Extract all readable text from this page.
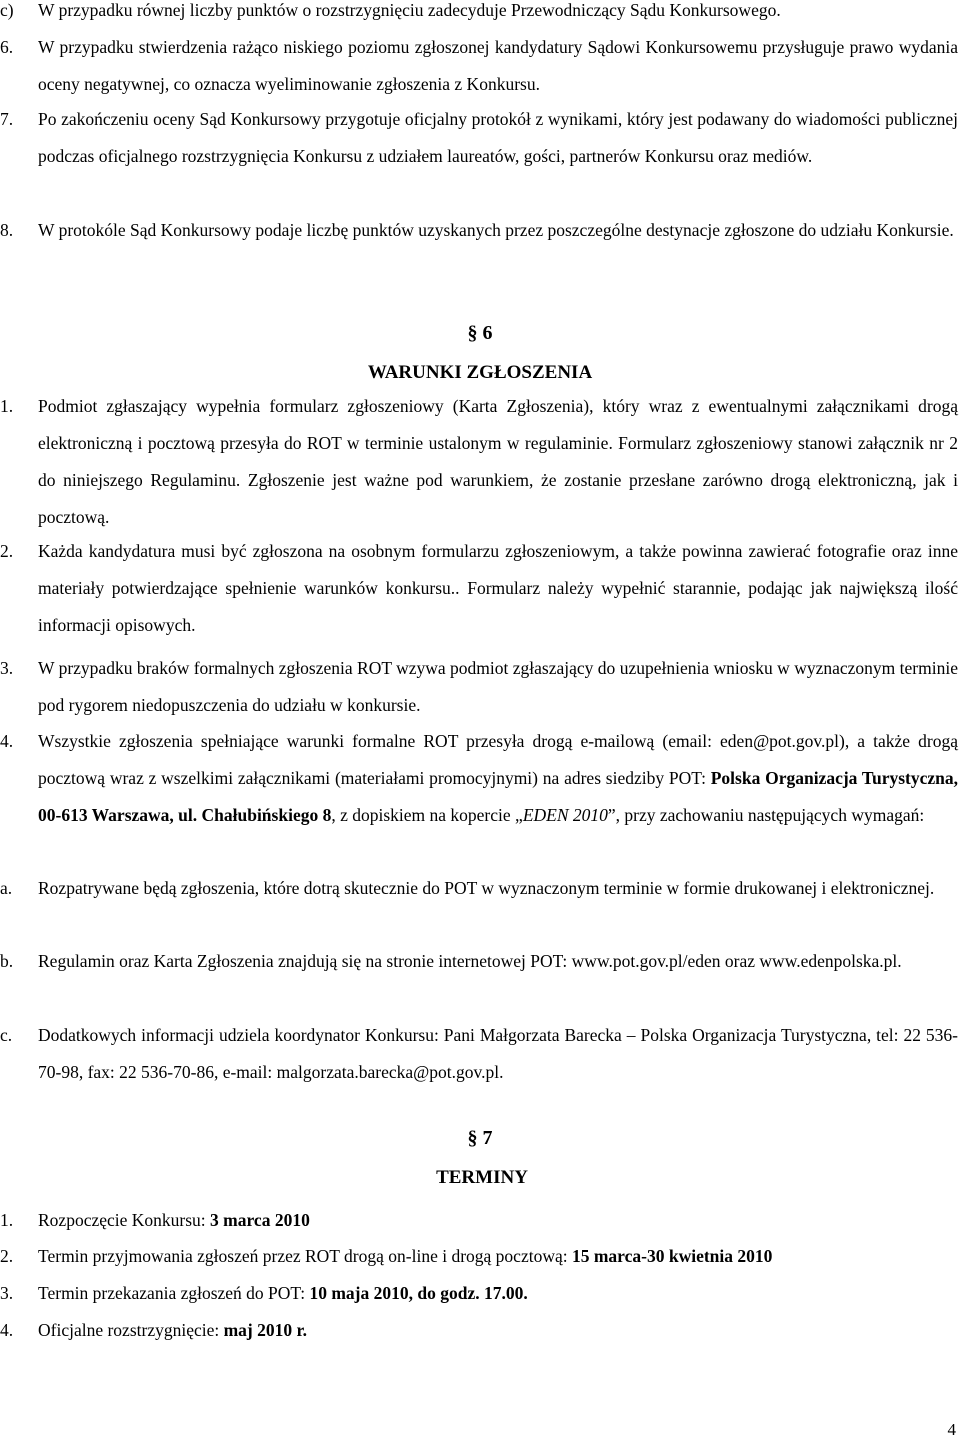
c) W przypadku równej liczby punktów o rozstrzygnięciu zadecyduje Przewodniczący Sądu Konkursowego.
6. W przypadku stwierdzenia rażąco niskiego poziomu zgłoszonej kandydatury Sądowi Konkursowemu przysługuje prawo wydania oceny negatywnej, co oznacza wyeliminowanie zgłoszenia z Konkursu.
7. Po zakończeniu oceny Sąd Konkursowy przygotuje oficjalny protokół z wynikami, który jest podawany do wiadomości publicznej podczas oficjalnego rozstrzygnięcia Konkursu z udziałem laureatów, gości, partnerów Konkursu oraz mediów.
8. W protokóle Sąd Konkursowy podaje liczbę punktów uzyskanych przez poszczególne destynacje zgłoszone do udziału Konkursie.
§ 6
WARUNKI ZGŁOSZENIA
1. Podmiot zgłaszający wypełnia formularz zgłoszeniowy (Karta Zgłoszenia), który wraz z ewentualnymi załącznikami drogą elektroniczną i pocztową przesyła do ROT w terminie ustalonym w regulaminie. Formularz zgłoszeniowy stanowi załącznik nr 2 do niniejszego Regulaminu. Zgłoszenie jest ważne pod warunkiem, że zostanie przesłane zarówno drogą elektroniczną, jak i pocztową.
2. Każda kandydatura musi być zgłoszona na osobnym formularzu zgłoszeniowym, a także powinna zawierać fotografie oraz inne materiały potwierdzające spełnienie warunków konkursu.. Formularz należy wypełnić starannie, podając jak największą ilość informacji opisowych.
3. W przypadku braków formalnych zgłoszenia ROT wzywa podmiot zgłaszający do uzupełnienia wniosku w wyznaczonym terminie pod rygorem niedopuszczenia do udziału w konkursie.
4. Wszystkie zgłoszenia spełniające warunki formalne ROT przesyła drogą e-mailową (email: eden@pot.gov.pl), a także drogą pocztową wraz z wszelkimi załącznikami (materiałami promocyjnymi) na adres siedziby POT: Polska Organizacja Turystyczna, 00-613 Warszawa, ul. Chałubińskiego 8, z dopiskiem na kopercie „EDEN 2010”, przy zachowaniu następujących wymagań:
a. Rozpatrywane będą zgłoszenia, które dotrą skutecznie do POT w wyznaczonym terminie w formie drukowanej i elektronicznej.
b. Regulamin oraz Karta Zgłoszenia znajdują się na stronie internetowej POT: www.pot.gov.pl/eden oraz www.edenpolska.pl.
c. Dodatkowych informacji udziela koordynator Konkursu: Pani Małgorzata Barecka – Polska Organizacja Turystyczna, tel: 22 536-70-98, fax: 22 536-70-86, e-mail: malgorzata.barecka@pot.gov.pl.
§ 7
TERMINY
1. Rozpoczęcie Konkursu: 3 marca 2010
2. Termin przyjmowania zgłoszeń przez ROT drogą on-line i drogą pocztową: 15 marca-30 kwietnia 2010
3. Termin przekazania zgłoszeń do POT: 10 maja 2010, do godz. 17.00.
4. Oficjalne rozstrzygnięcie: maj 2010 r.
4
